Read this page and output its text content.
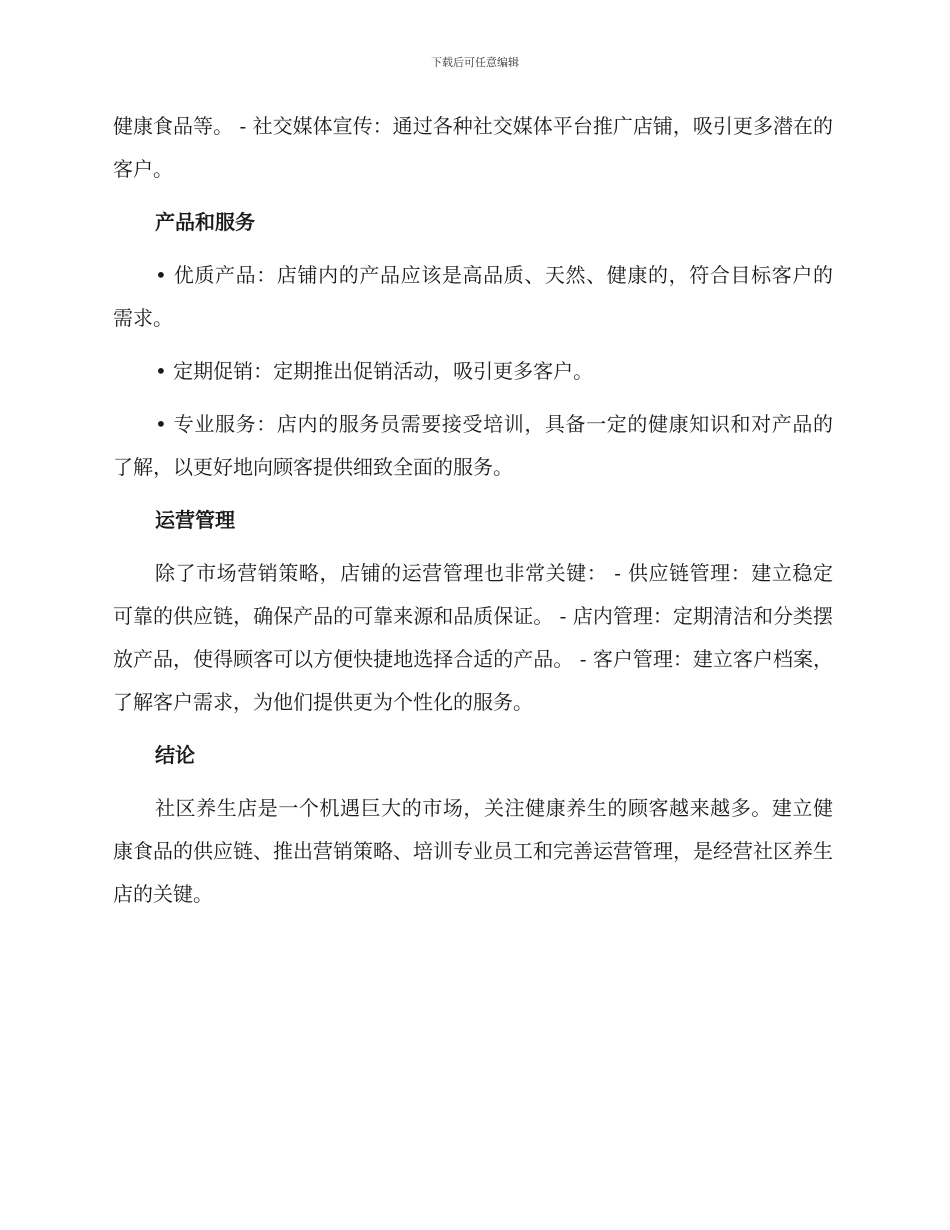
下载后可任意编辑

健康食品等。 - 社交媒体宣传：通过各种社交媒体平台推广店铺，吸引更多潜在的客户。

产品和服务

• 优质产品：店铺内的产品应该是高品质、天然、健康的，符合目标客户的需求。

• 定期促销：定期推出促销活动，吸引更多客户。

• 专业服务：店内的服务员需要接受培训，具备一定的健康知识和对产品的了解，以更好地向顾客提供细致全面的服务。

运营管理

除了市场营销策略，店铺的运营管理也非常关键： - 供应链管理：建立稳定可靠的供应链，确保产品的可靠来源和品质保证。 - 店内管理：定期清洁和分类摆放产品，使得顾客可以方便快捷地选择合适的产品。 - 客户管理：建立客户档案，了解客户需求，为他们提供更为个性化的服务。

结论

社区养生店是一个机遇巨大的市场，关注健康养生的顾客越来越多。建立健康食品的供应链、推出营销策略、培训专业员工和完善运营管理，是经营社区养生店的关键。
